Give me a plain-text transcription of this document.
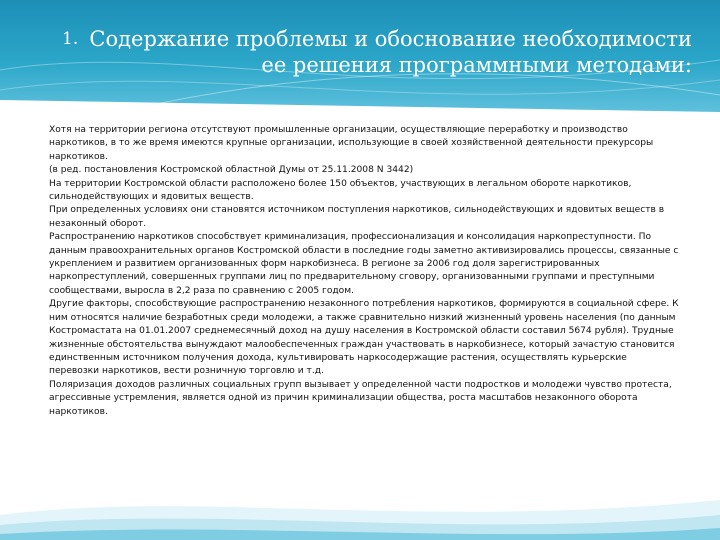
Содержание проблемы и обоснование необходимости ее решения программными методами:
1.

Хотя на территории региона отсутствуют промышленные организации, осуществляющие переработку и производство наркотиков, в то же время имеются крупные организации, использующие в своей хозяйственной деятельности прекурсоры наркотиков.

(в ред. постановления Костромской областной Думы от 25.11.2008 N 3442)

На территории Костромской области расположено более 150 объектов, участвующих в легальном обороте наркотиков, сильнодействующих и ядовитых веществ.

При определенных условиях они становятся источником поступления наркотиков, сильнодействующих и ядовитых веществ в незаконный оборот.

Распространению наркотиков способствует криминализация, профессионализация и консолидация наркопреступности. По данным правоохранительных органов Костромской области в последние годы заметно активизировались процессы, связанные с укреплением и развитием организованных форм наркобизнеса. В регионе за 2006 год доля зарегистрированных наркопреступлений, совершенных группами лиц по предварительному сговору, организованными группами и преступными сообществами, выросла в 2,2 раза по сравнению с 2005 годом.

Другие факторы, способствующие распространению незаконного потребления наркотиков, формируются в социальной сфере. К ним относятся наличие безработных среди молодежи, а также сравнительно низкий жизненный уровень населения (по данным Костромастата на 01.01.2007 среднемесячный доход на душу населения в Костромской области составил 5674 рубля). Трудные жизненные обстоятельства вынуждают малообеспеченных граждан участвовать в наркобизнесе, который зачастую становится единственным источником получения дохода, культивировать наркосодержащие растения, осуществлять курьерские перевозки наркотиков, вести розничную торговлю и т.д.

Поляризация доходов различных социальных групп вызывает у определенной части подростков и молодежи чувство протеста, агрессивные устремления, является одной из причин криминализации общества, роста масштабов незаконного оборота наркотиков.
